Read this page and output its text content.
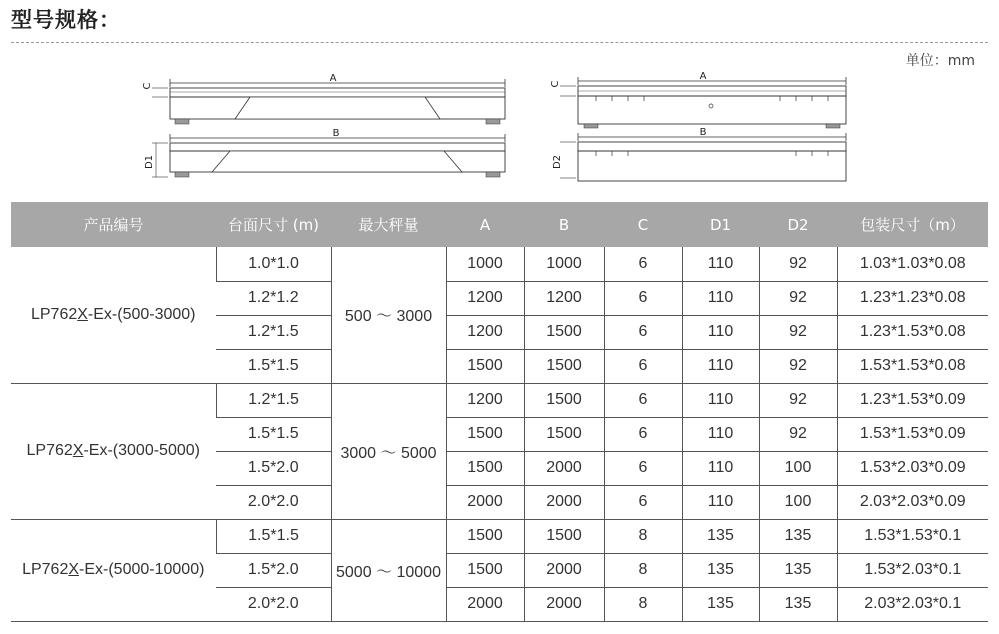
型号规格：
单位：mm
A
C
B
D1
A
C
B
D2
产品编号	台面尺寸 (m)	最大秤量	A	B	C	D1	D2	包装尺寸（m）
LP762X-Ex-(500-3000)	1.0*1.0	500 ～ 3000	1000	1000	6	110	92	1.03*1.03*0.08
	1.2*1.2		1200	1200	6	110	92	1.23*1.23*0.08
	1.2*1.5		1200	1500	6	110	92	1.23*1.53*0.08
	1.5*1.5		1500	1500	6	110	92	1.53*1.53*0.08
LP762X-Ex-(3000-5000)	1.2*1.5	3000 ～ 5000	1200	1500	6	110	92	1.23*1.53*0.09
	1.5*1.5		1500	1500	6	110	92	1.53*1.53*0.09
	1.5*2.0		1500	2000	6	110	100	1.53*2.03*0.09
	2.0*2.0		2000	2000	6	110	100	2.03*2.03*0.09
LP762X-Ex-(5000-10000)	1.5*1.5	5000 ～ 10000	1500	1500	8	135	135	1.53*1.53*0.1
	1.5*2.0		1500	2000	8	135	135	1.53*2.03*0.1
	2.0*2.0		2000	2000	8	135	135	2.03*2.03*0.1
